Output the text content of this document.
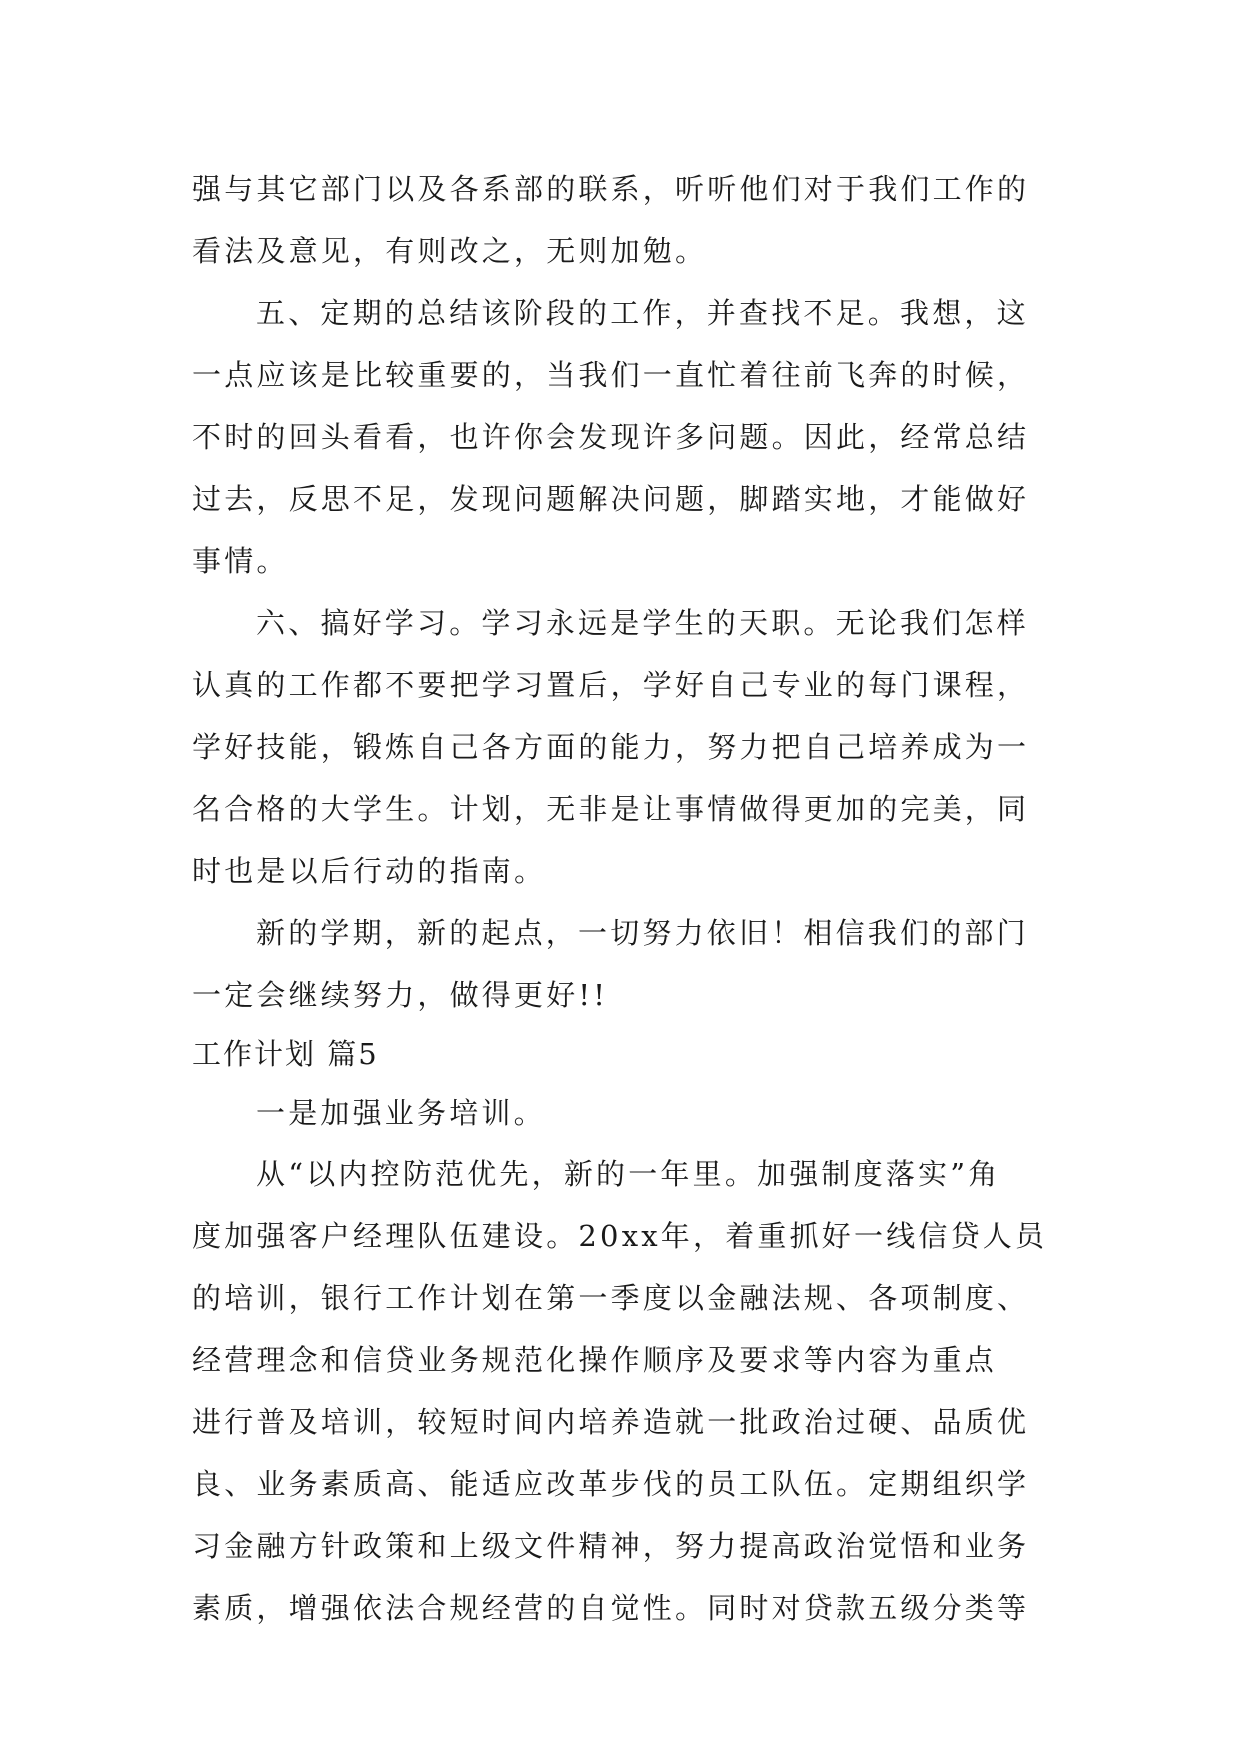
强与其它部门以及各系部的联系，听听他们对于我们工作的
看法及意见，有则改之，无则加勉。
五、定期的总结该阶段的工作，并查找不足。我想，这
一点应该是比较重要的，当我们一直忙着往前飞奔的时候，
不时的回头看看，也许你会发现许多问题。因此，经常总结
过去，反思不足，发现问题解决问题，脚踏实地，才能做好
事情。
六、搞好学习。学习永远是学生的天职。无论我们怎样
认真的工作都不要把学习置后，学好自己专业的每门课程，
学好技能，锻炼自己各方面的能力，努力把自己培养成为一
名合格的大学生。计划，无非是让事情做得更加的完美，同
时也是以后行动的指南。
新的学期，新的起点，一切努力依旧！相信我们的部门
一定会继续努力，做得更好!!
工作计划 篇5
一是加强业务培训。
从“以内控防范优先，新的一年里。加强制度落实”角
度加强客户经理队伍建设。20xx年，着重抓好一线信贷人员
的培训，银行工作计划在第一季度以金融法规、各项制度、
经营理念和信贷业务规范化操作顺序及要求等内容为重点
进行普及培训，较短时间内培养造就一批政治过硬、品质优
良、业务素质高、能适应改革步伐的员工队伍。定期组织学
习金融方针政策和上级文件精神，努力提高政治觉悟和业务
素质，增强依法合规经营的自觉性。同时对贷款五级分类等
